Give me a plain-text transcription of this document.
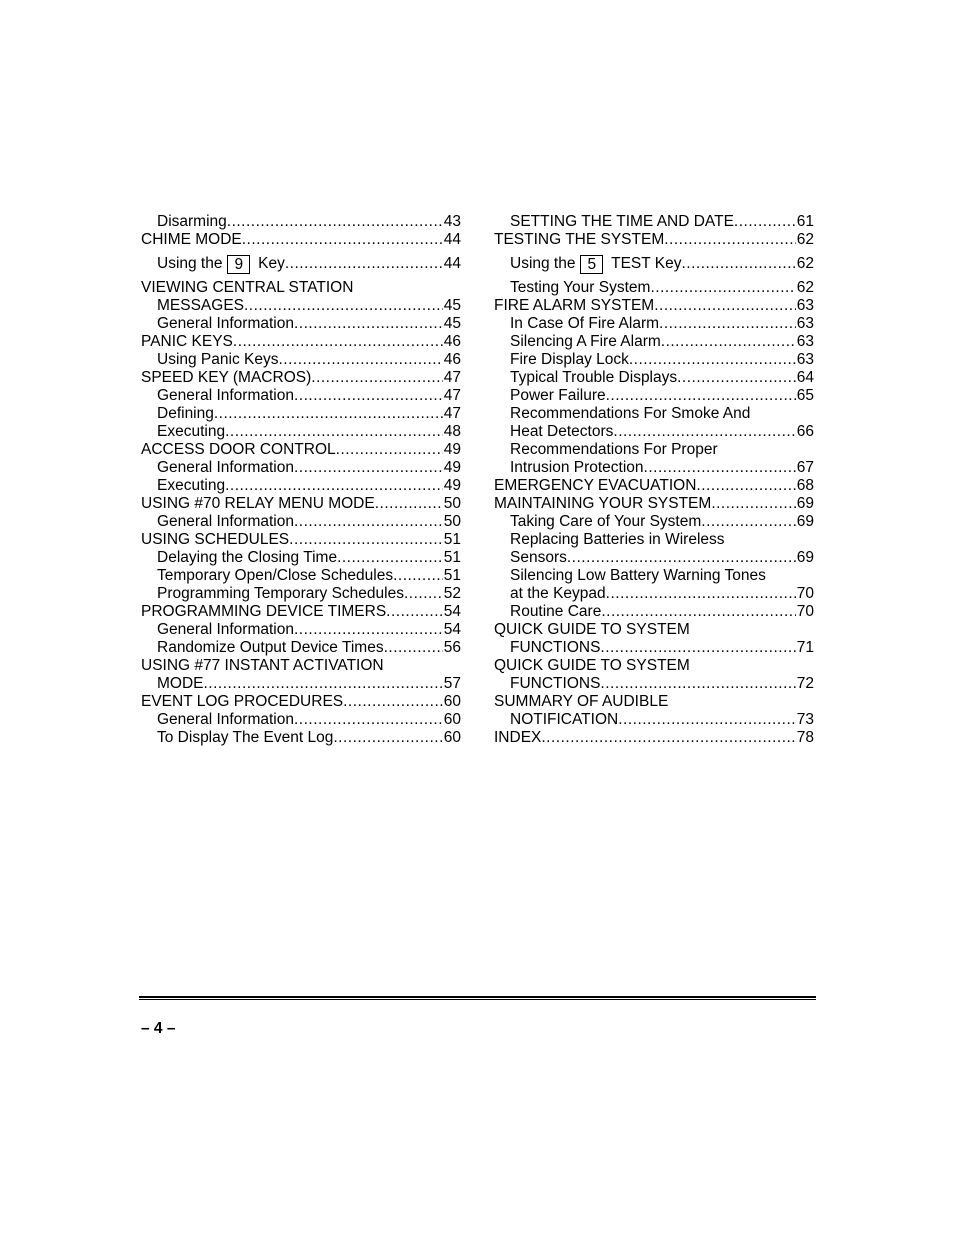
Disarming .....	43
CHIME MODE .....	44
Using the 9 Key .....	44
VIEWING CENTRAL STATION
MESSAGES .....	45
General Information .....	45
PANIC KEYS .....	46
Using Panic Keys .....	46
SPEED KEY (MACROS) .....	47
General Information .....	47
Defining .....	47
Executing .....	48
ACCESS DOOR CONTROL .....	49
General Information .....	49
Executing .....	49
USING #70 RELAY MENU MODE .....	50
General Information .....	50
USING SCHEDULES .....	51
Delaying the Closing Time .....	51
Temporary Open/Close Schedules .....	51
Programming Temporary Schedules .....	52
PROGRAMMING DEVICE TIMERS .....	54
General Information .....	54
Randomize Output Device Times .....	56
USING #77 INSTANT ACTIVATION
MODE .....	57
EVENT LOG PROCEDURES .....	60
General Information .....	60
To Display The Event Log .....	60
SETTING THE TIME AND DATE .....	61
TESTING THE SYSTEM .....	62
Using the 5 TEST Key .....	62
Testing Your System .....	62
FIRE ALARM SYSTEM .....	63
In Case Of Fire Alarm .....	63
Silencing A Fire Alarm .....	63
Fire Display Lock .....	63
Typical Trouble Displays .....	64
Power Failure .....	65
Recommendations For Smoke And
Heat Detectors .....	66
Recommendations For Proper
Intrusion Protection .....	67
EMERGENCY EVACUATION .....	68
MAINTAINING YOUR SYSTEM .....	69
Taking Care of Your System .....	69
Replacing Batteries in Wireless
Sensors .....	69
Silencing Low Battery Warning Tones
at the Keypad .....	70
Routine Care .....	70
QUICK GUIDE TO SYSTEM
FUNCTIONS .....	71
QUICK GUIDE TO SYSTEM
FUNCTIONS .....	72
SUMMARY OF AUDIBLE
NOTIFICATION .....	73
INDEX .....	78
– 4 –
